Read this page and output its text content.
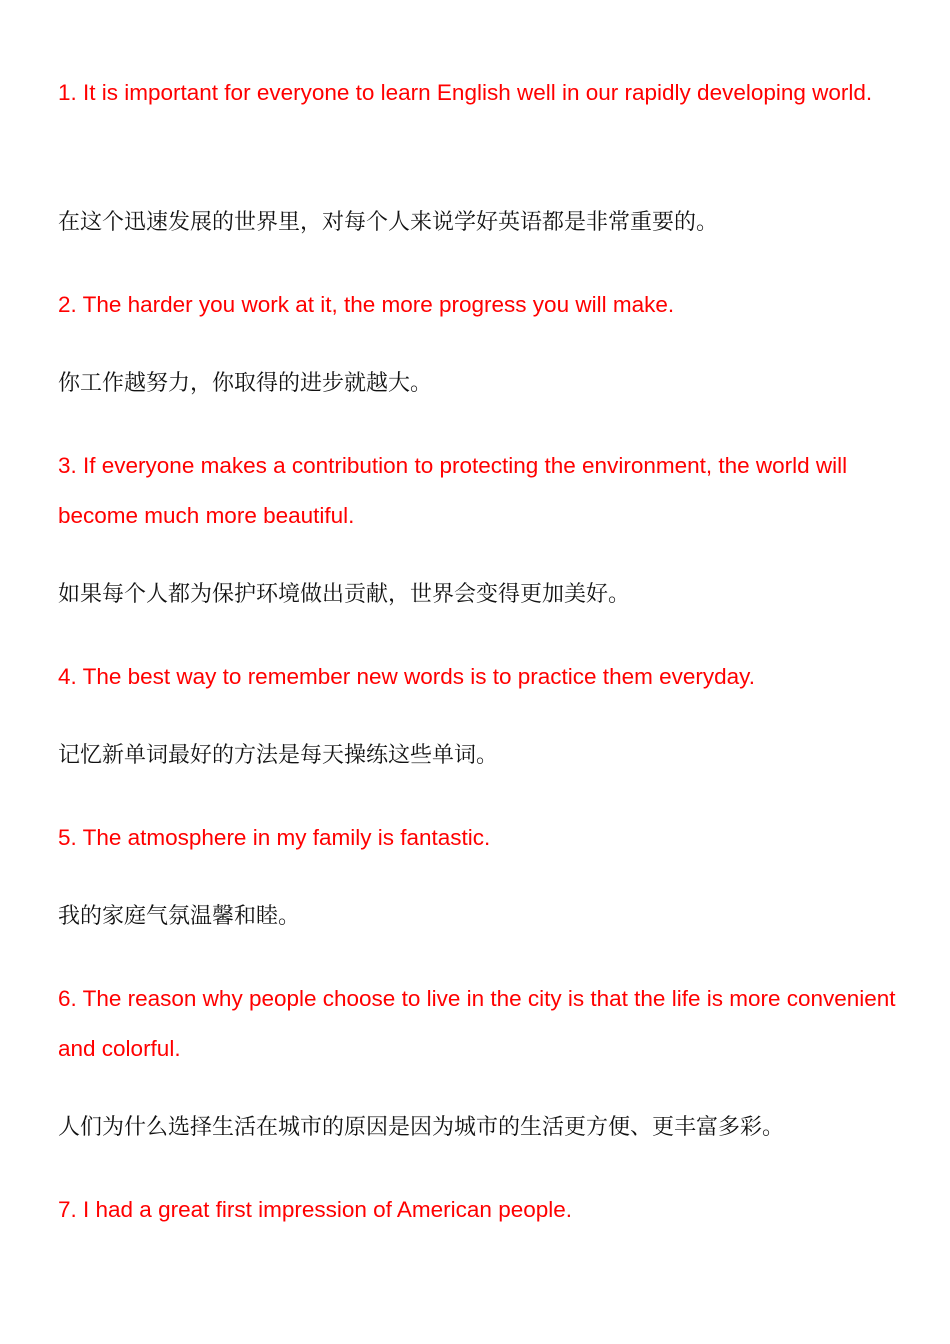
1. It is important for everyone to learn English well in our rapidly developing world.

在这个迅速发展的世界里，对每个人来说学好英语都是非常重要的。

2. The harder you work at it, the more progress you will make.

你工作越努力，你取得的进步就越大。

3. If everyone makes a contribution to protecting the environment, the world will become much more beautiful.

如果每个人都为保护环境做出贡献，世界会变得更加美好。

4. The best way to remember new words is to practice them everyday.

记忆新单词最好的方法是每天操练这些单词。

5. The atmosphere in my family is fantastic.

我的家庭气氛温馨和睦。

6. The reason why people choose to live in the city is that the life is more convenient and colorful.

人们为什么选择生活在城市的原因是因为城市的生活更方便、更丰富多彩。

7. I had a great first impression of American people.
